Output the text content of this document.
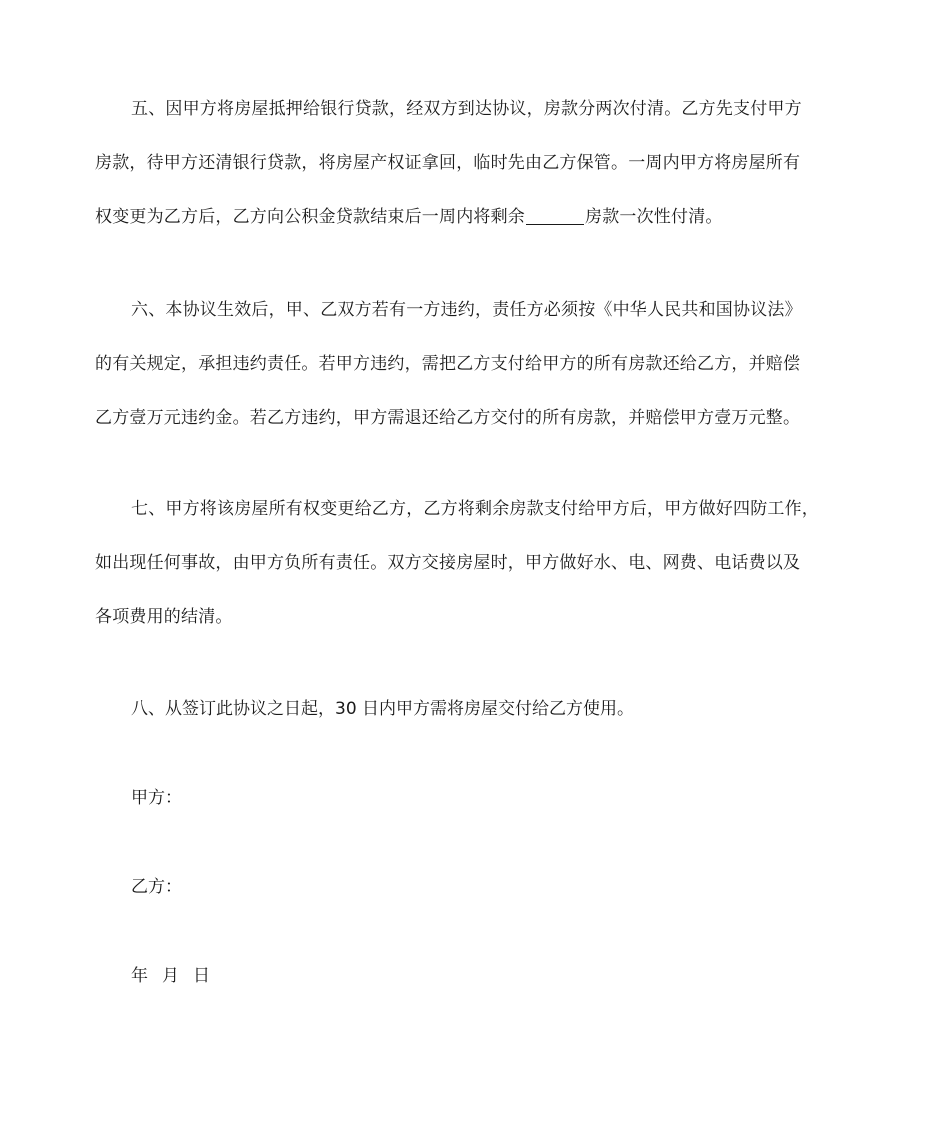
五、因甲方将房屋抵押给银行贷款，经双方到达协议，房款分两次付清。乙方先支付甲方
房款，待甲方还清银行贷款，将房屋产权证拿回，临时先由乙方保管。一周内甲方将房屋所有
权变更为乙方后，乙方向公积金贷款结束后一周内将剩余	房款一次性付清。

六、本协议生效后，甲、乙双方若有一方违约，责任方必须按《中华人民共和国协议法》
的有关规定，承担违约责任。若甲方违约，需把乙方支付给甲方的所有房款还给乙方，并赔偿
乙方壹万元违约金。若乙方违约，甲方需退还给乙方交付的所有房款，并赔偿甲方壹万元整。

七、甲方将该房屋所有权变更给乙方，乙方将剩余房款支付给甲方后，甲方做好四防工作，
如出现任何事故，由甲方负所有责任。双方交接房屋时，甲方做好水、电、网费、电话费以及
各项费用的结清。

八、从签订此协议之日起，30 日内甲方需将房屋交付给乙方使用。

甲方：

乙方：

年 月 日
